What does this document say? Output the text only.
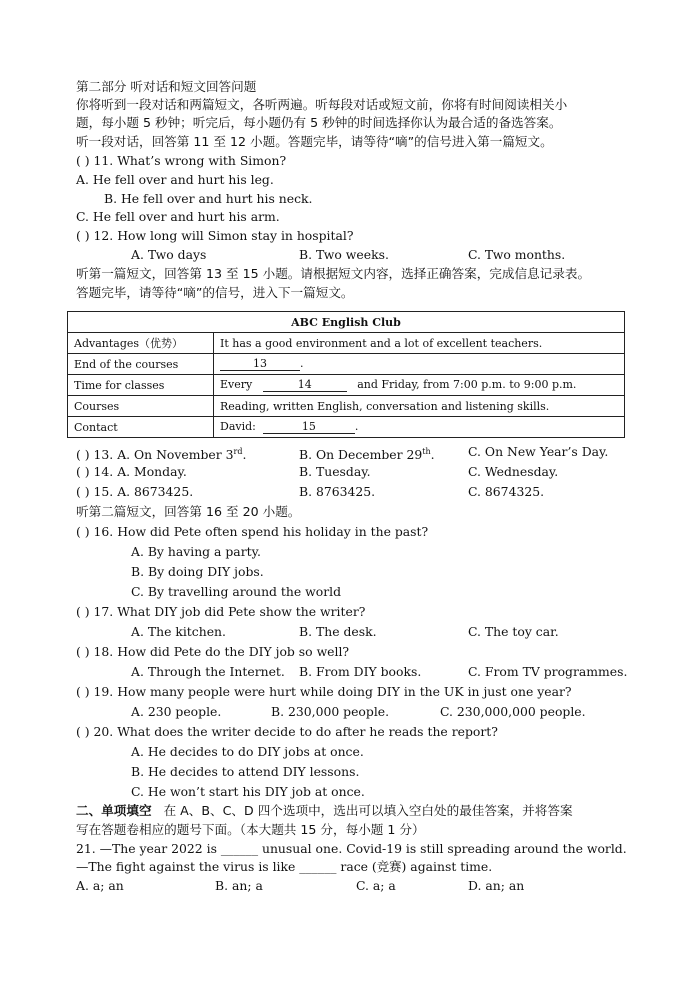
第二部分 听对话和短文回答问题
你将听到一段对话和两篇短文，各听两遍。听每段对话或短文前，你将有时间阅读相关小
题，每小题 5 秒钟；听完后，每小题仍有 5 秒钟的时间选择你认为最合适的备选答案。
听一段对话，回答第 11 至 12 小题。答题完毕，请等待“嘀”的信号进入第一篇短文。
( ) 11. What’s wrong with Simon?
A. He fell over and hurt his leg.
B. He fell over and hurt his neck.
C. He fell over and hurt his arm.
( ) 12. How long will Simon stay in hospital?
A. Two days	B. Two weeks.	C. Two months.
听第一篇短文，回答第 13 至 15 小题。请根据短文内容，选择正确答案，完成信息记录表。
答题完毕，请等待“嘀”的信号，进入下一篇短文。
ABC English Club	
Advantages（优势）	It has a good environment and a lot of excellent teachers.
End of the courses	13 .
Time for classes	Every 14 and Friday, from 7:00 p.m. to 9:00 p.m.
Courses	Reading, written English, conversation and listening skills.
Contact	David: 15 .
( ) 13. A. On November 3rd.	B. On December 29th.	C. On New Year’s Day.
( ) 14. A. Monday.	B. Tuesday.	C. Wednesday.
( ) 15. A. 8673425.	B. 8763425.	C. 8674325.
听第二篇短文，回答第 16 至 20 小题。
( ) 16. How did Pete often spend his holiday in the past?
A. By having a party.
B. By doing DIY jobs.
C. By travelling around the world
( ) 17. What DIY job did Pete show the writer?
A. The kitchen.	B. The desk.	C. The toy car.
( ) 18. How did Pete do the DIY job so well?
A. Through the Internet. B. From DIY books.	C. From TV programmes.
( ) 19. How many people were hurt while doing DIY in the UK in just one year?
A. 230 people.	B. 230,000 people.	C. 230,000,000 people.
( ) 20. What does the writer decide to do after he reads the report?
A. He decides to do DIY jobs at once.
B. He decides to attend DIY lessons.
C. He won’t start his DIY job at once.
二、单项填空 在 A、B、C、D 四个选项中，选出可以填入空白处的最佳答案，并将答案
写在答题卷相应的题号下面。（本大题共 15 分，每小题 1 分）
21. —The year 2022 is ______ unusual one. Covid-19 is still spreading around the world.
—The fight against the virus is like ______ race (竞赛) against time.
A. a; an	B. an; a	C. a; a	D. an; an
